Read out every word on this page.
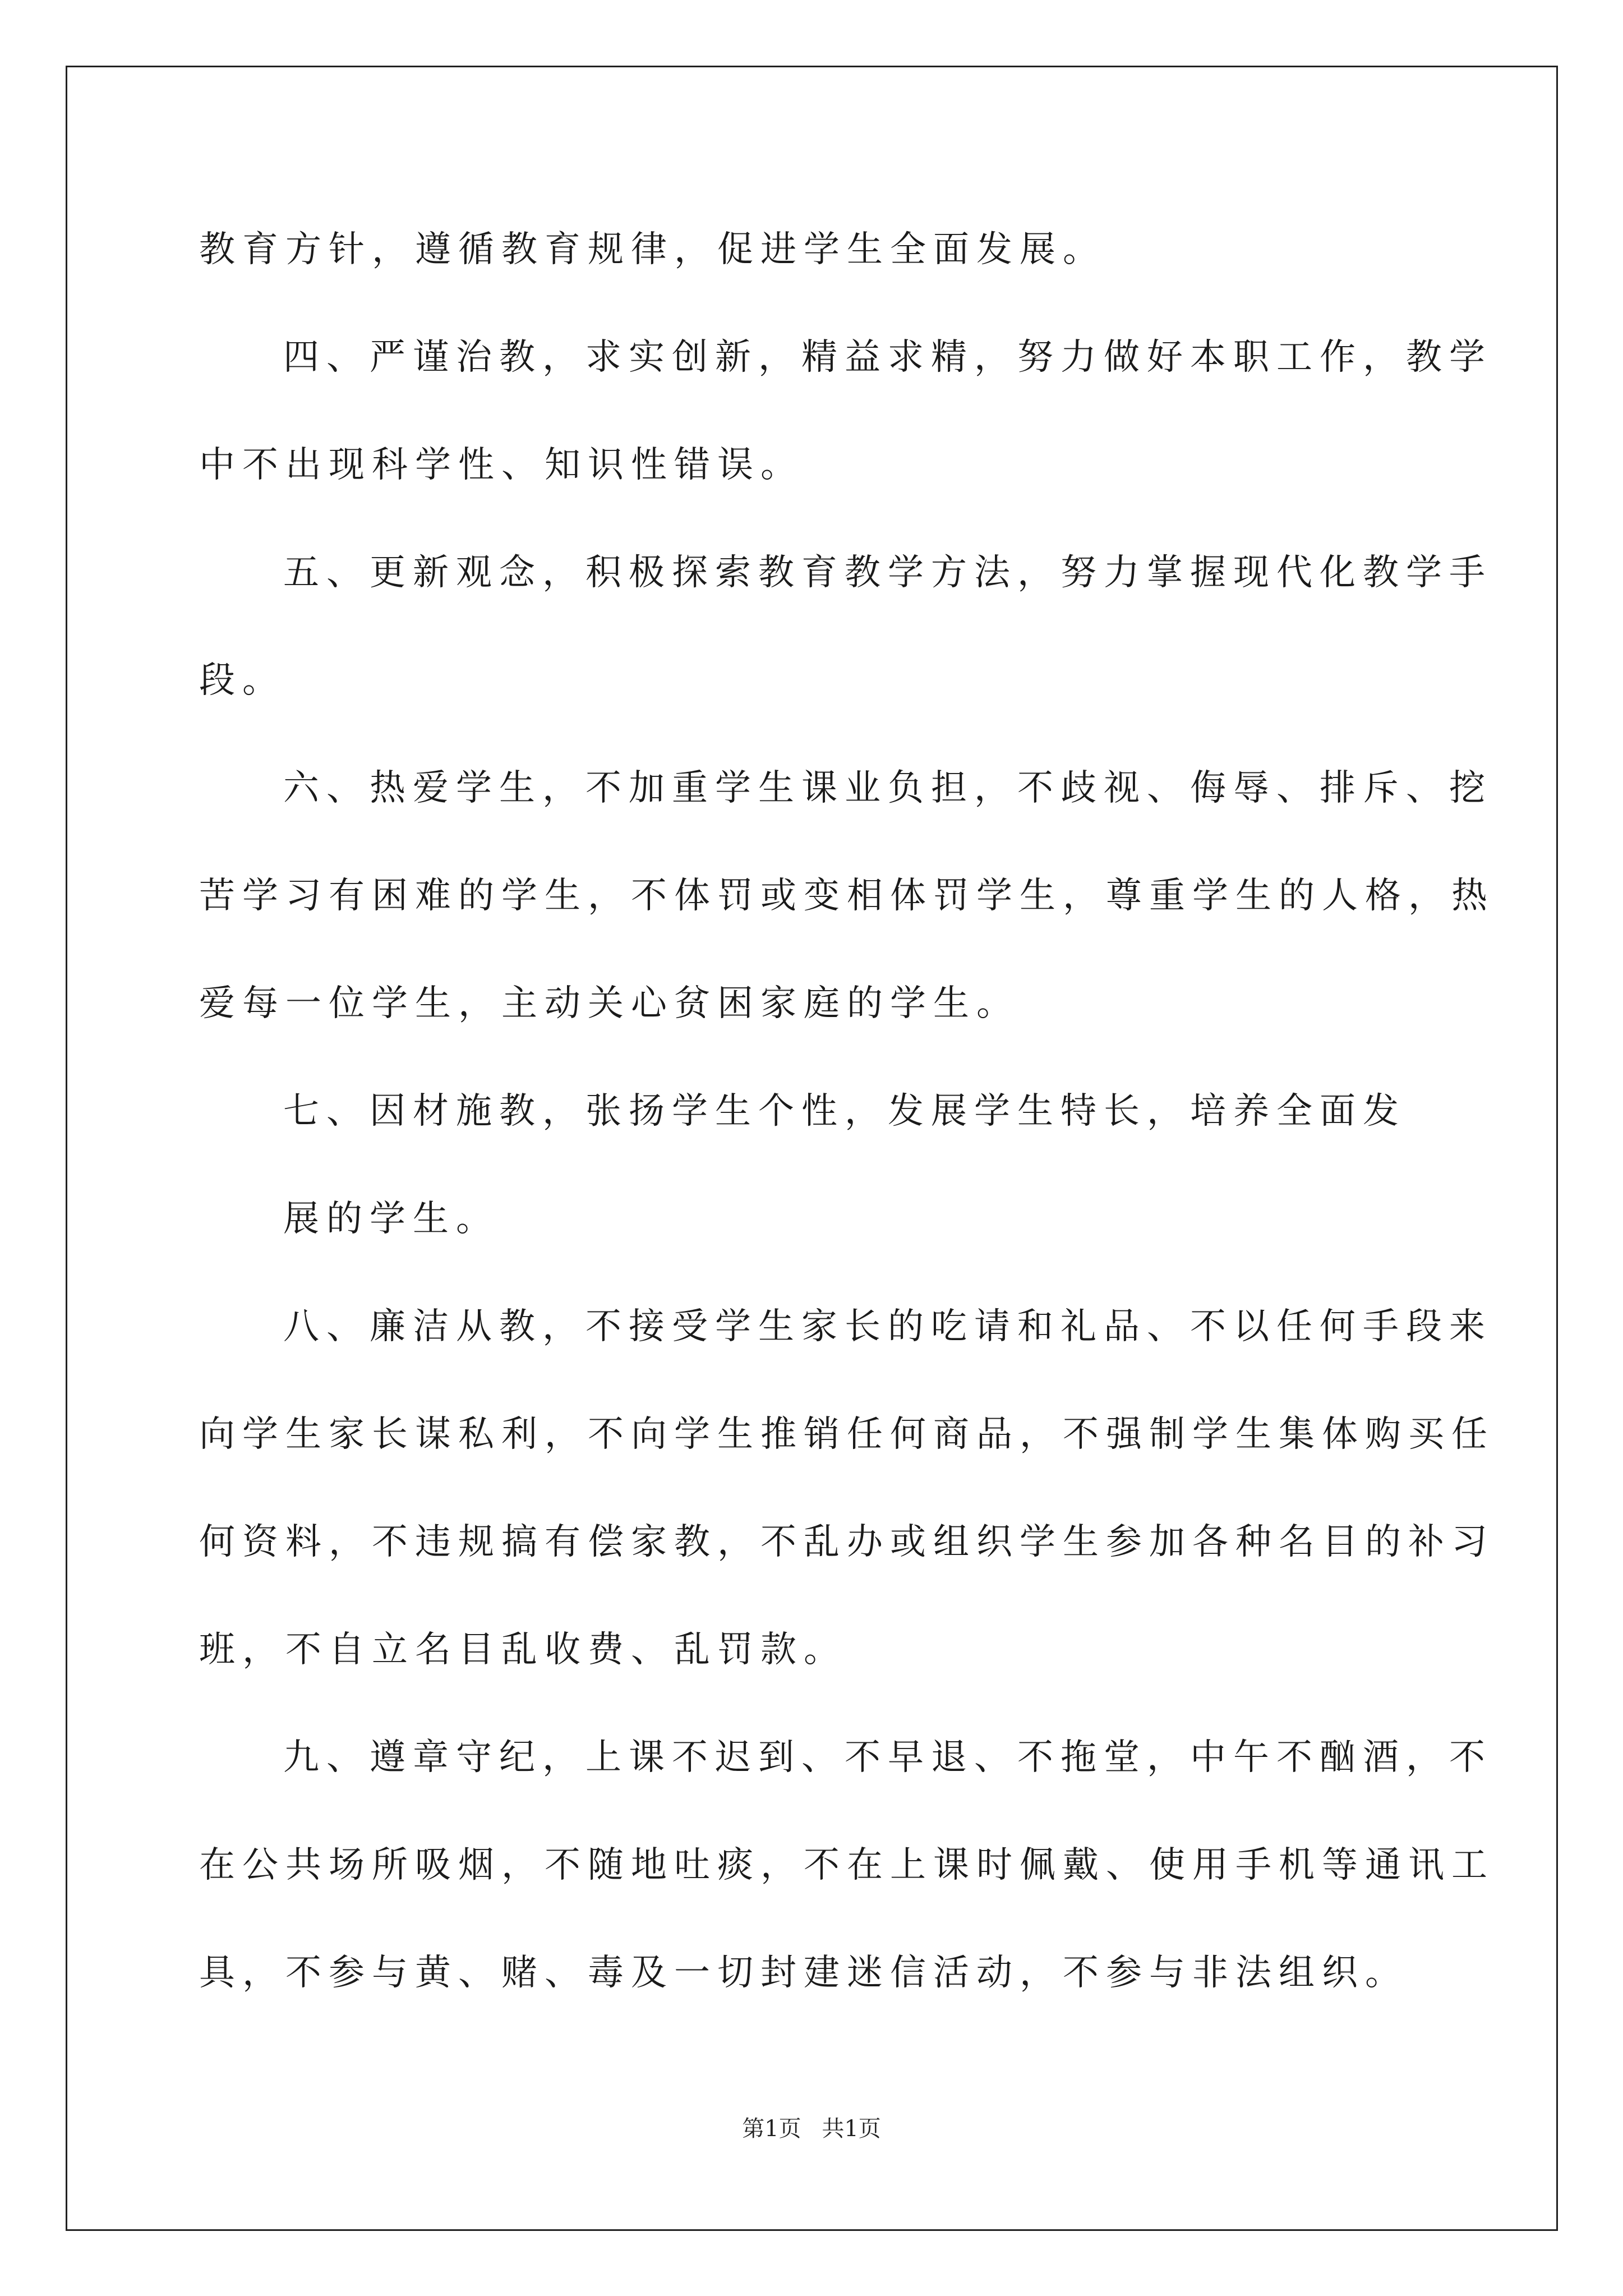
教育方针，遵循教育规律，促进学生全面发展。
四、严谨治教，求实创新，精益求精，努力做好本职工作，教学
中不出现科学性、知识性错误。
五、更新观念，积极探索教育教学方法，努力掌握现代化教学手
段。
六、热爱学生，不加重学生课业负担，不歧视、侮辱、排斥、挖
苦学习有困难的学生，不体罚或变相体罚学生，尊重学生的人格，热
爱每一位学生，主动关心贫困家庭的学生。
七、因材施教，张扬学生个性，发展学生特长，培养全面发
展的学生。
八、廉洁从教，不接受学生家长的吃请和礼品、不以任何手段来
向学生家长谋私利，不向学生推销任何商品，不强制学生集体购买任
何资料，不违规搞有偿家教，不乱办或组织学生参加各种名目的补习
班，不自立名目乱收费、乱罚款。
九、遵章守纪，上课不迟到、不早退、不拖堂，中午不酗酒，不
在公共场所吸烟，不随地吐痰，不在上课时佩戴、使用手机等通讯工
具，不参与黄、赌、毒及一切封建迷信活动，不参与非法组织。
第1页 共1页
